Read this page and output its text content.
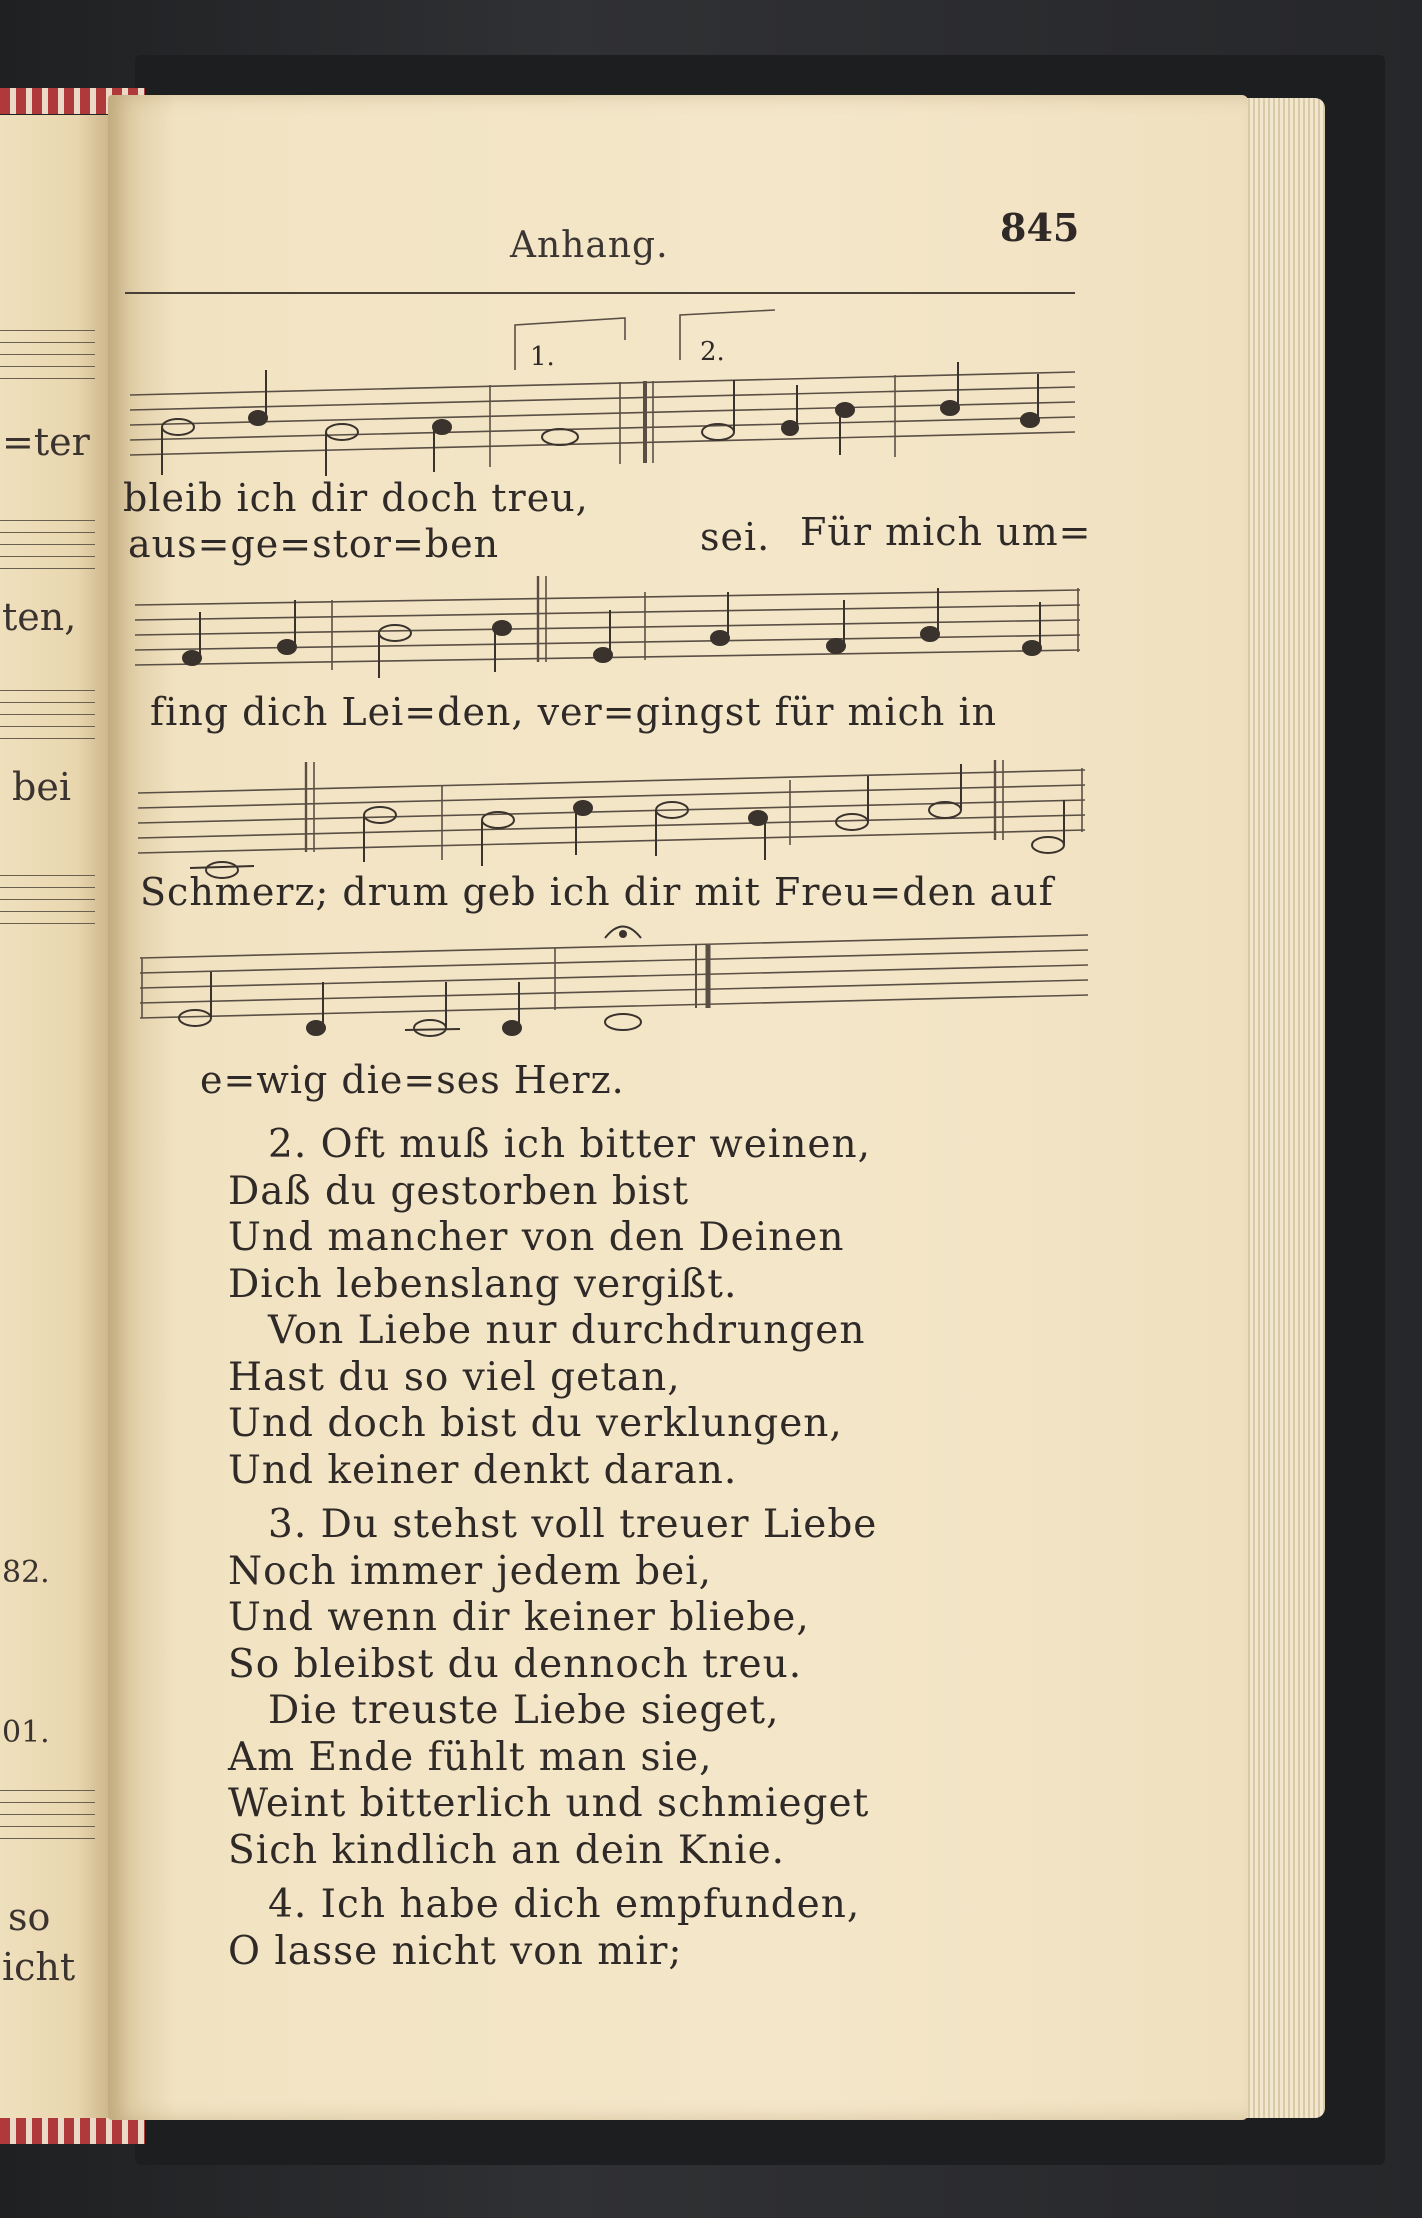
=ter
ten,
bei
82.
01.
so
icht
Anhang.	845
1.	2.
bleib ich dir doch treu,
aus=ge=stor=ben	sei. Für mich um=
fing dich Lei=den, ver=gingst für mich in
Schmerz; drum geb ich dir mit Freu=den auf
e=wig die=ses Herz.
2. Oft muß ich bitter weinen,
Daß du gestorben bist
Und mancher von den Deinen
Dich lebenslang vergißt.
Von Liebe nur durchdrungen
Hast du so viel getan,
Und doch bist du verklungen,
Und keiner denkt daran.
3. Du stehst voll treuer Liebe
Noch immer jedem bei,
Und wenn dir keiner bliebe,
So bleibst du dennoch treu.
Die treuste Liebe sieget,
Am Ende fühlt man sie,
Weint bitterlich und schmieget
Sich kindlich an dein Knie.
4. Ich habe dich empfunden,
O lasse nicht von mir;
